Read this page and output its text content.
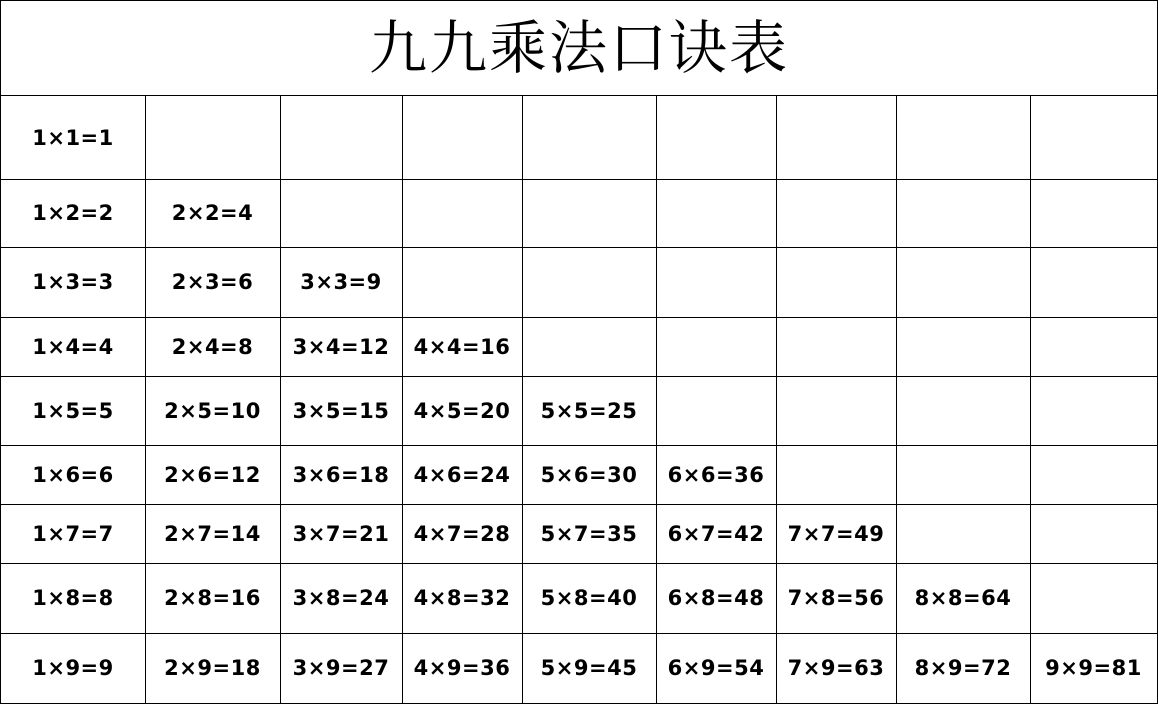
九九乘法口诀表
1×1=1
1×2=2	2×2=4
1×3=3	2×3=6	3×3=9
1×4=4	2×4=8	3×4=12	4×4=16
1×5=5	2×5=10	3×5=15	4×5=20	5×5=25
1×6=6	2×6=12	3×6=18	4×6=24	5×6=30	6×6=36
1×7=7	2×7=14	3×7=21	4×7=28	5×7=35	6×7=42	7×7=49
1×8=8	2×8=16	3×8=24	4×8=32	5×8=40	6×8=48	7×8=56	8×8=64
1×9=9	2×9=18	3×9=27	4×9=36	5×9=45	6×9=54	7×9=63	8×9=72	9×9=81
